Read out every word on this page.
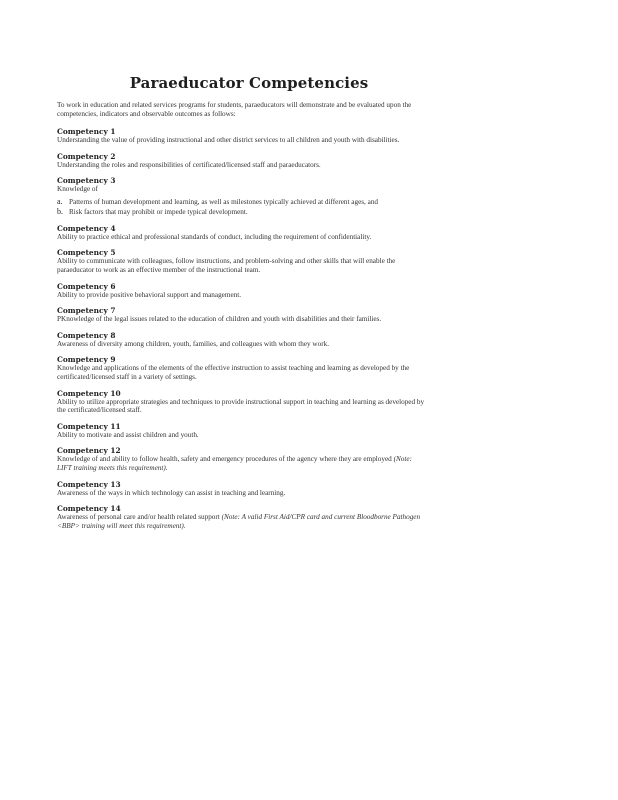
Paraeducator Competencies

To work in education and related services programs for students, paraeducators will demonstrate and be evaluated upon the competencies, indicators and observable outcomes as follows:

Competency 1
Understanding the value of providing instructional and other district services to all children and youth with disabilities.
Competency 2
Understanding the roles and responsibilities of certificated/licensed staff and paraeducators.
Competency 3
Knowledge of
a. Patterns of human development and learning, as well as milestones typically achieved at different ages, and
b. Risk factors that may prohibit or impede typical development.
Competency 4
Ability to practice ethical and professional standards of conduct, including the requirement of confidentiality.
Competency 5
Ability to communicate with colleagues, follow instructions, and problem-solving and other skills that will enable the paraeducator to work as an effective member of the instructional team.
Competency 6
Ability to provide positive behavioral support and management.
Competency 7
PKnowledge of the legal issues related to the education of children and youth with disabilities and their families.
Competency 8
Awareness of diversity among children, youth, families, and colleagues with whom they work.
Competency 9
Knowledge and applications of the elements of the effective instruction to assist teaching and learning as developed by the certificated/licensed staff in a variety of settings.
Competency 10
Ability to utilize appropriate strategies and techniques to provide instructional support in teaching and learning as developed by the certificated/licensed staff.
Competency 11
Ability to motivate and assist children and youth.
Competency 12
Knowledge of and ability to follow health, safety and emergency procedures of the agency where they are employed (Note: LIFT training meets this requirement).
Competency 13
Awareness of the ways in which technology can assist in teaching and learning.
Competency 14
Awareness of personal care and/or health related support (Note: A valid First Aid/CPR card and current Bloodborne Pathogen <BBP> training will meet this requirement).
